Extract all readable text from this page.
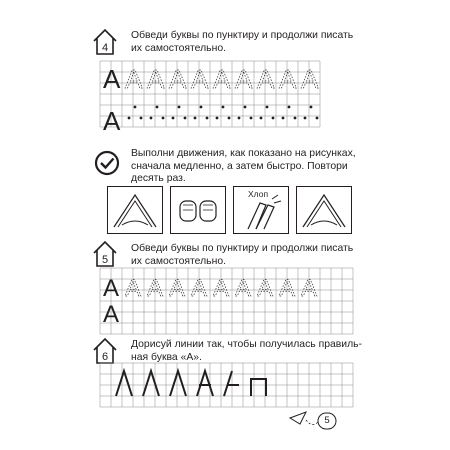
4
Обведи буквы по пунктиру и продолжи писать
их самостоятельно.
Выполни движения, как показано на рисунках,
сначала медленно, а затем быстро. Повтори
десять раз.
Хлоп
5
Обведи буквы по пунктиру и продолжи писать
их самостоятельно.
6
Дорисуй линии так, чтобы получилась правиль-
ная буква «А».
А А А А А А А А А А
А
А А А А А А А А А А
А
5
